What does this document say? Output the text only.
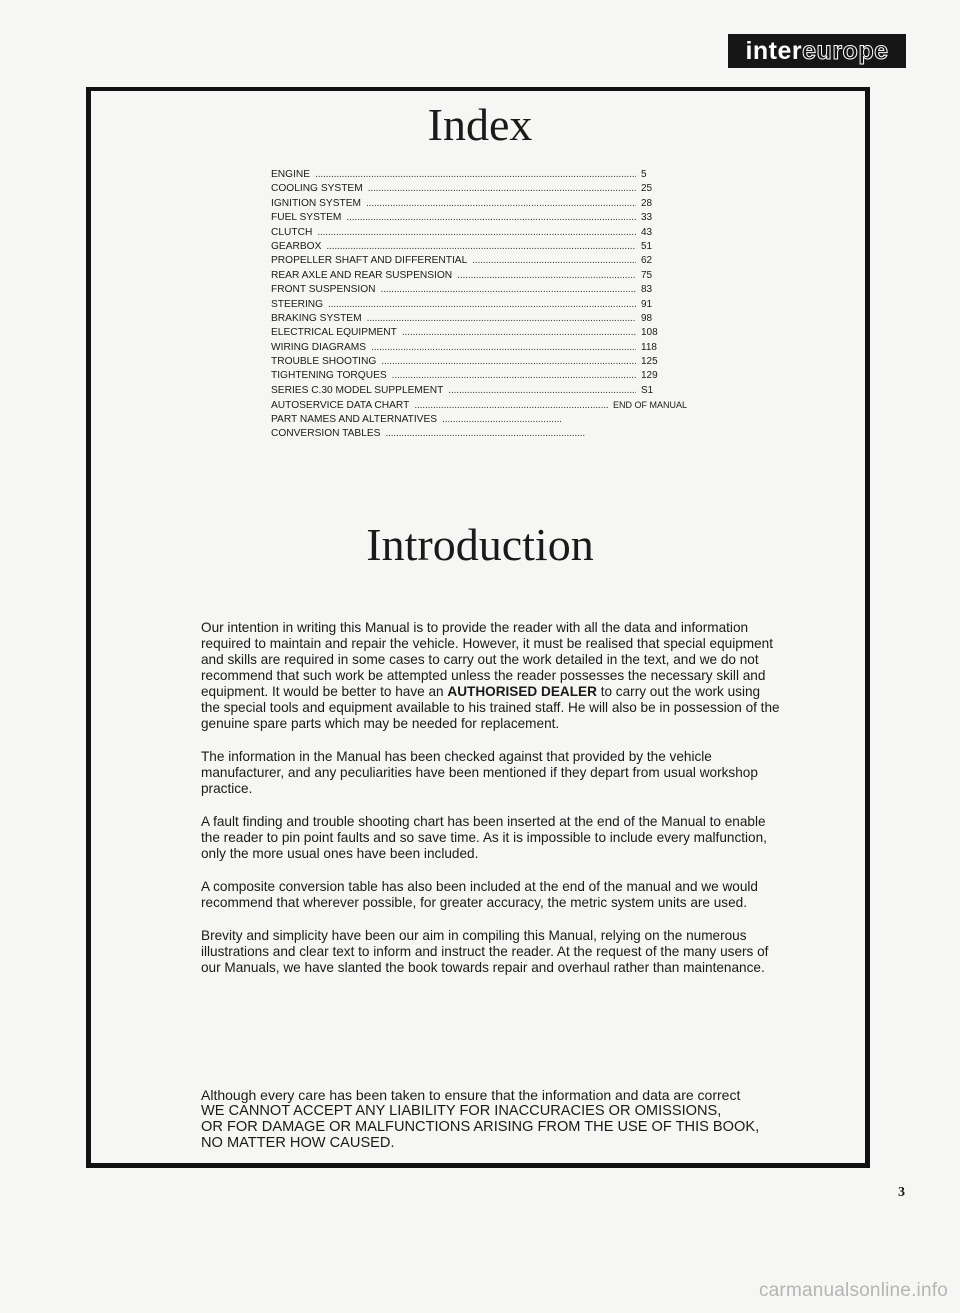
intereurope
Index
ENGINE . . .	5
COOLING SYSTEM . . .	25
IGNITION SYSTEM . . .	28
FUEL SYSTEM . . .	33
CLUTCH . . .	43
GEARBOX . . .	51
PROPELLER SHAFT AND DIFFERENTIAL . . .	62
REAR AXLE AND REAR SUSPENSION . . .	75
FRONT SUSPENSION . . .	83
STEERING . . .	91
BRAKING SYSTEM . . .	98
ELECTRICAL EQUIPMENT . . .	108
WIRING DIAGRAMS . . .	118
TROUBLE SHOOTING . . .	125
TIGHTENING TORQUES . . .	129
SERIES C.30 MODEL SUPPLEMENT . . .	S1
AUTOSERVICE DATA CHART . . .	END OF MANUAL
PART NAMES AND ALTERNATIVES
. . .
CONVERSION TABLES
. . .
Introduction

Our intention in writing this Manual is to provide the reader with all the data and information required to maintain and repair the vehicle. However, it must be realised that special equipment and skills are required in some cases to carry out the work detailed in the text, and we do not recommend that such work be attempted unless the reader possesses the necessary skill and equipment. It would be better to have an AUTHORISED DEALER to carry out the work using the special tools and equipment available to his trained staff. He will also be in possession of the genuine spare parts which may be needed for replacement.

The information in the Manual has been checked against that provided by the vehicle manufacturer, and any peculiarities have been mentioned if they depart from usual workshop practice.

A fault finding and trouble shooting chart has been inserted at the end of the Manual to enable the reader to pin point faults and so save time. As it is impossible to include every malfunction, only the more usual ones have been included.

A composite conversion table has also been included at the end of the manual and we would recommend that wherever possible, for greater accuracy, the metric system units are used.

Brevity and simplicity have been our aim in compiling this Manual, relying on the numerous illustrations and clear text to inform and instruct the reader. At the request of the many users of our Manuals, we have slanted the book towards repair and overhaul rather than maintenance.

Although every care has been taken to ensure that the information and data are correct
WE CANNOT ACCEPT ANY LIABILITY FOR INACCURACIES OR OMISSIONS,
OR FOR DAMAGE OR MALFUNCTIONS ARISING FROM THE USE OF THIS BOOK,
NO MATTER HOW CAUSED.
3
carmanualsonline.info
